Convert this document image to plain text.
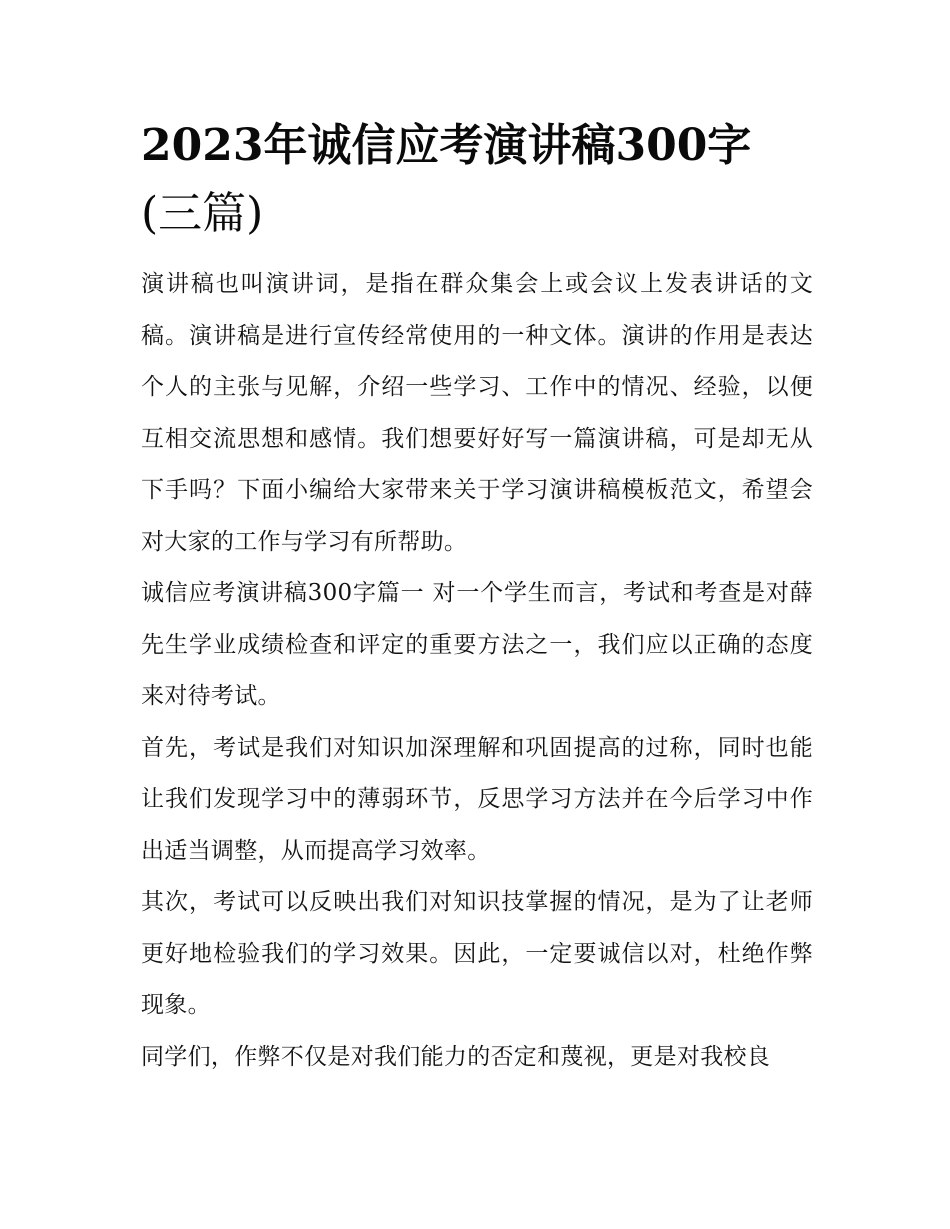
2023年诚信应考演讲稿300字
(三篇)

演讲稿也叫演讲词，是指在群众集会上或会议上发表讲话的文稿。演讲稿是进行宣传经常使用的一种文体。演讲的作用是表达个人的主张与见解，介绍一些学习、工作中的情况、经验，以便互相交流思想和感情。我们想要好好写一篇演讲稿，可是却无从下手吗？下面小编给大家带来关于学习演讲稿模板范文，希望会对大家的工作与学习有所帮助。

诚信应考演讲稿300字篇一 对一个学生而言，考试和考查是对薛先生学业成绩检查和评定的重要方法之一，我们应以正确的态度来对待考试。

首先，考试是我们对知识加深理解和巩固提高的过称，同时也能让我们发现学习中的薄弱环节，反思学习方法并在今后学习中作出适当调整，从而提高学习效率。

其次，考试可以反映出我们对知识技掌握的情况，是为了让老师更好地检验我们的学习效果。因此，一定要诚信以对，杜绝作弊现象。

同学们，作弊不仅是对我们能力的否定和蔑视，更是对我校良
